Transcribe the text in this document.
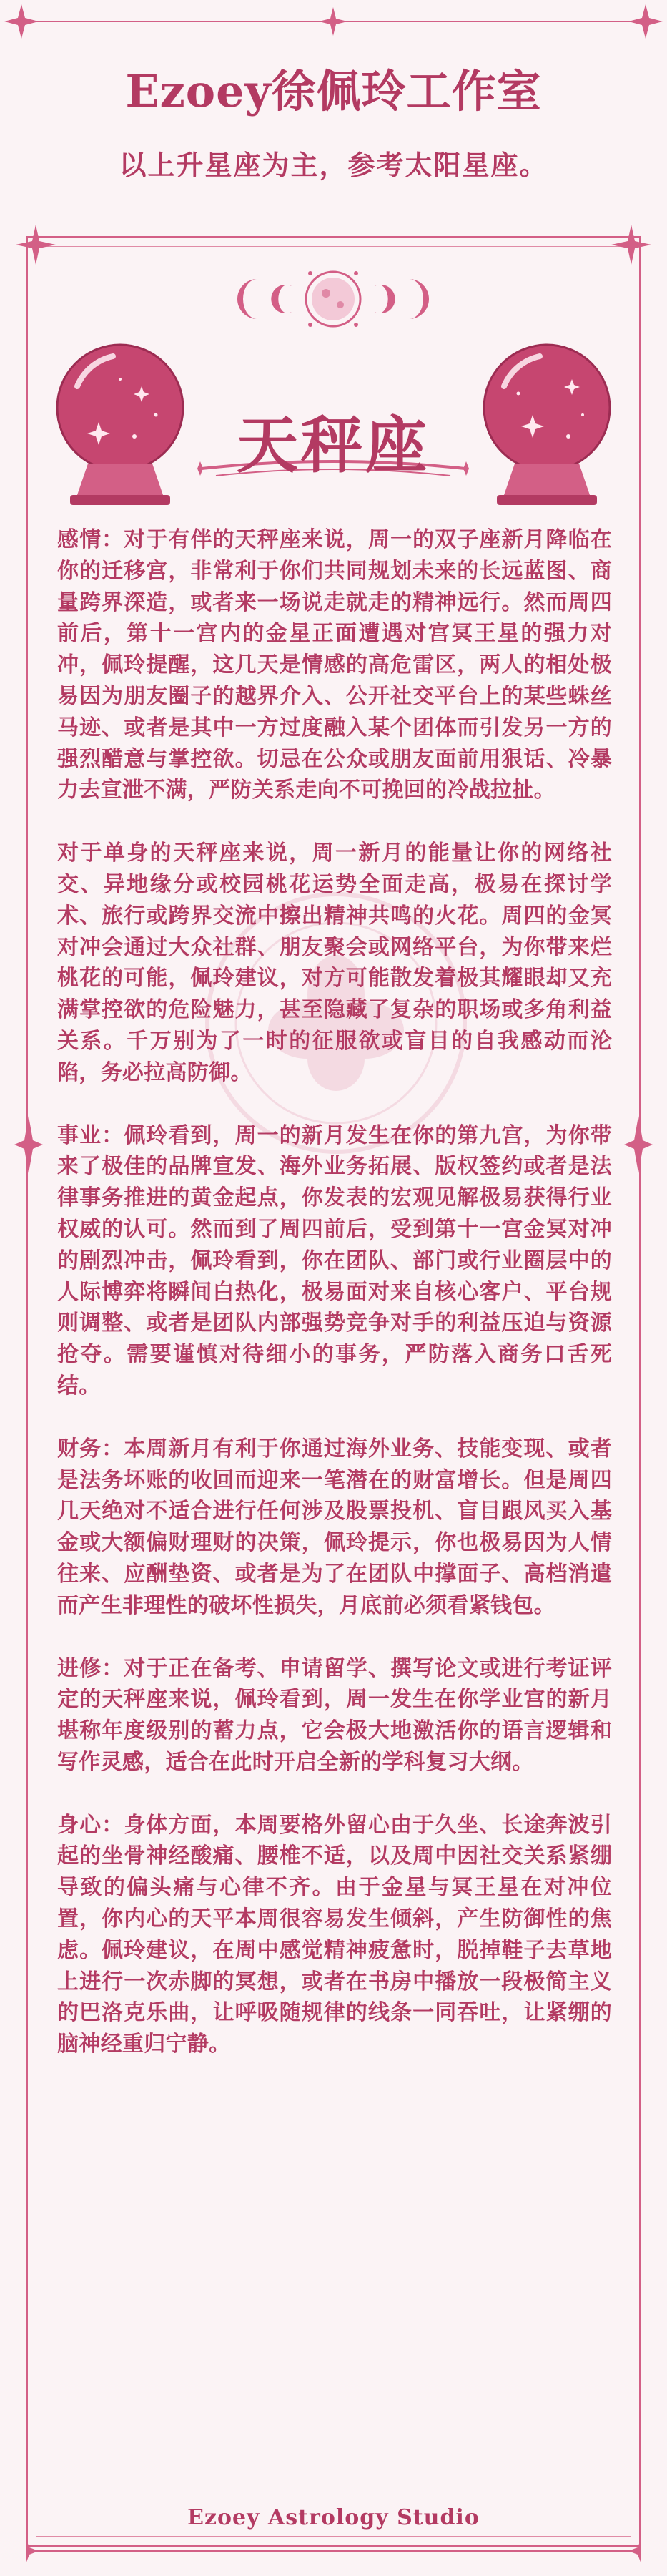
Ezoey徐佩玲工作室
以上升星座为主，参考太阳星座。
天秤座

感情：对于有伴的天秤座来说，周一的双子座新月降临在你的迁移宫，非常利于你们共同规划未来的长远蓝图、商量跨界深造，或者来一场说走就走的精神远行。然而周四前后，第十一宫内的金星正面遭遇对宫冥王星的强力对冲，佩玲提醒，这几天是情感的高危雷区，两人的相处极易因为朋友圈子的越界介入、公开社交平台上的某些蛛丝马迹、或者是其中一方过度融入某个团体而引发另一方的强烈醋意与掌控欲。切忌在公众或朋友面前用狠话、冷暴力去宣泄不满，严防关系走向不可挽回的冷战拉扯。

对于单身的天秤座来说，周一新月的能量让你的网络社交、异地缘分或校园桃花运势全面走高，极易在探讨学术、旅行或跨界交流中擦出精神共鸣的火花。周四的金冥对冲会通过大众社群、朋友聚会或网络平台，为你带来烂桃花的可能，佩玲建议，对方可能散发着极其耀眼却又充满掌控欲的危险魅力，甚至隐藏了复杂的职场或多角利益关系。千万别为了一时的征服欲或盲目的自我感动而沦陷，务必拉高防御。

事业：佩玲看到，周一的新月发生在你的第九宫，为你带来了极佳的品牌宣发、海外业务拓展、版权签约或者是法律事务推进的黄金起点，你发表的宏观见解极易获得行业权威的认可。然而到了周四前后，受到第十一宫金冥对冲的剧烈冲击，佩玲看到，你在团队、部门或行业圈层中的人际博弈将瞬间白热化，极易面对来自核心客户、平台规则调整、或者是团队内部强势竞争对手的利益压迫与资源抢夺。需要谨慎对待细小的事务，严防落入商务口舌死结。

财务：本周新月有利于你通过海外业务、技能变现、或者是法务坏账的收回而迎来一笔潜在的财富增长。但是周四几天绝对不适合进行任何涉及股票投机、盲目跟风买入基金或大额偏财理财的决策，佩玲提示，你也极易因为人情往来、应酬垫资、或者是为了在团队中撑面子、高档消遣而产生非理性的破坏性损失，月底前必须看紧钱包。

进修：对于正在备考、申请留学、撰写论文或进行考证评定的天秤座来说，佩玲看到，周一发生在你学业宫的新月堪称年度级别的蓄力点，它会极大地激活你的语言逻辑和写作灵感，适合在此时开启全新的学科复习大纲。

身心：身体方面，本周要格外留心由于久坐、长途奔波引起的坐骨神经酸痛、腰椎不适，以及周中因社交关系紧绷导致的偏头痛与心律不齐。由于金星与冥王星在对冲位置，你内心的天平本周很容易发生倾斜，产生防御性的焦虑。佩玲建议，在周中感觉精神疲惫时，脱掉鞋子去草地上进行一次赤脚的冥想，或者在书房中播放一段极简主义的巴洛克乐曲，让呼吸随规律的线条一同吞吐，让紧绷的脑神经重归宁静。

Ezoey Astrology Studio
